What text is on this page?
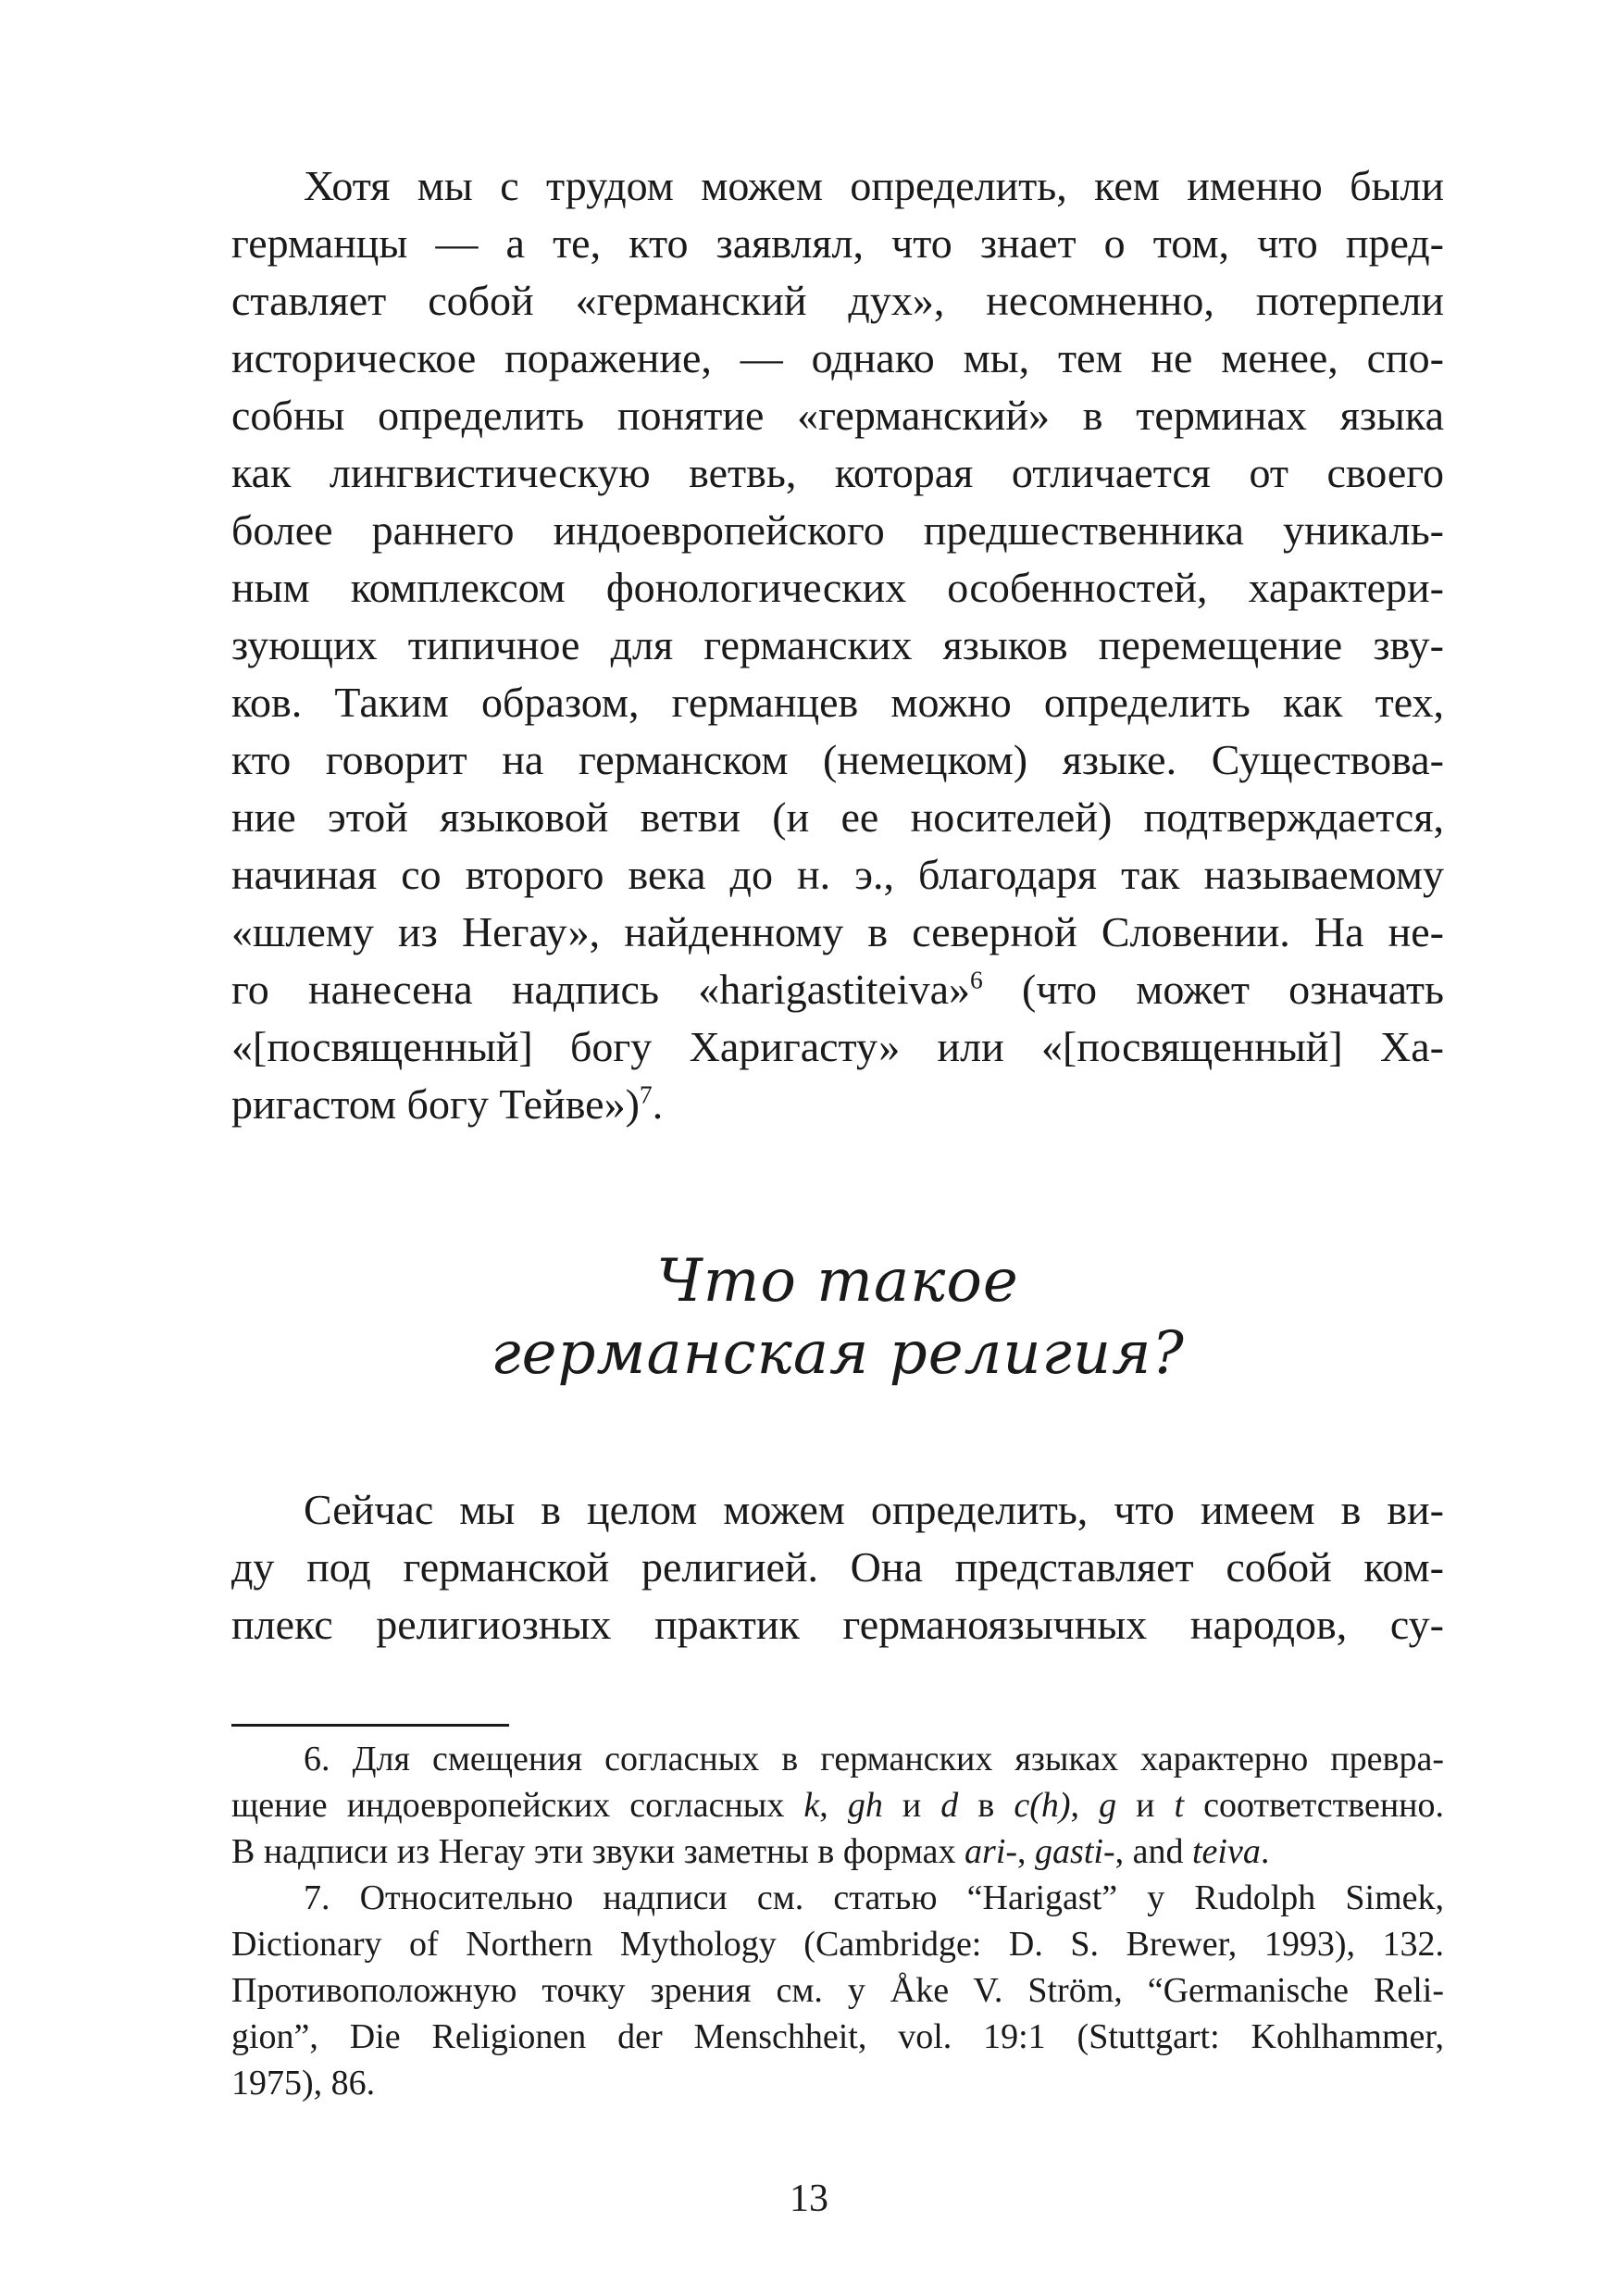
Хотя мы с трудом можем определить, кем именно были
германцы — а те, кто заявлял, что знает о том, что пред-
ставляет собой «германский дух», несомненно, потерпели
историческое поражение, — однако мы, тем не менее, спо-
собны определить понятие «германский» в терминах языка
как лингвистическую ветвь, которая отличается от своего
более раннего индоевропейского предшественника уникаль-
ным комплексом фонологических особенностей, характери-
зующих типичное для германских языков перемещение зву-
ков. Таким образом, германцев можно определить как тех,
кто говорит на германском (немецком) языке. Существова-
ние этой языковой ветви (и ее носителей) подтверждается,
начиная со второго века до н. э., благодаря так называемому
«шлему из Негау», найденному в северной Словении. На не-
го нанесена надпись «harigastiteiva»$^6$ (что может означать
«[посвященный] богу Харигасту» или «[посвященный] Ха-
ригастом богу Тейве»)$^7$.
Что такое
германская религия?
Сейчас мы в целом можем определить, что имеем в ви-
ду под германской религией. Она представляет собой ком-
плекс религиозных практик германоязычных народов, су-
6. Для смещения согласных в германских языках характерно превра-
щение индоевропейских согласных k, gh и d в c(h), g и t соответственно.
В надписи из Негау эти звуки заметны в формах ari-, gasti-, and teiva.
7. Относительно надписи см. статью “Harigast” у Rudolph Simek,
Dictionary of Northern Mythology (Cambridge: D. S. Brewer, 1993), 132.
Противоположную точку зрения см. у Åke V. Ström, “Germanische Reli-
gion”, Die Religionen der Menschheit, vol. 19:1 (Stuttgart: Kohlhammer,
1975), 86.
13
